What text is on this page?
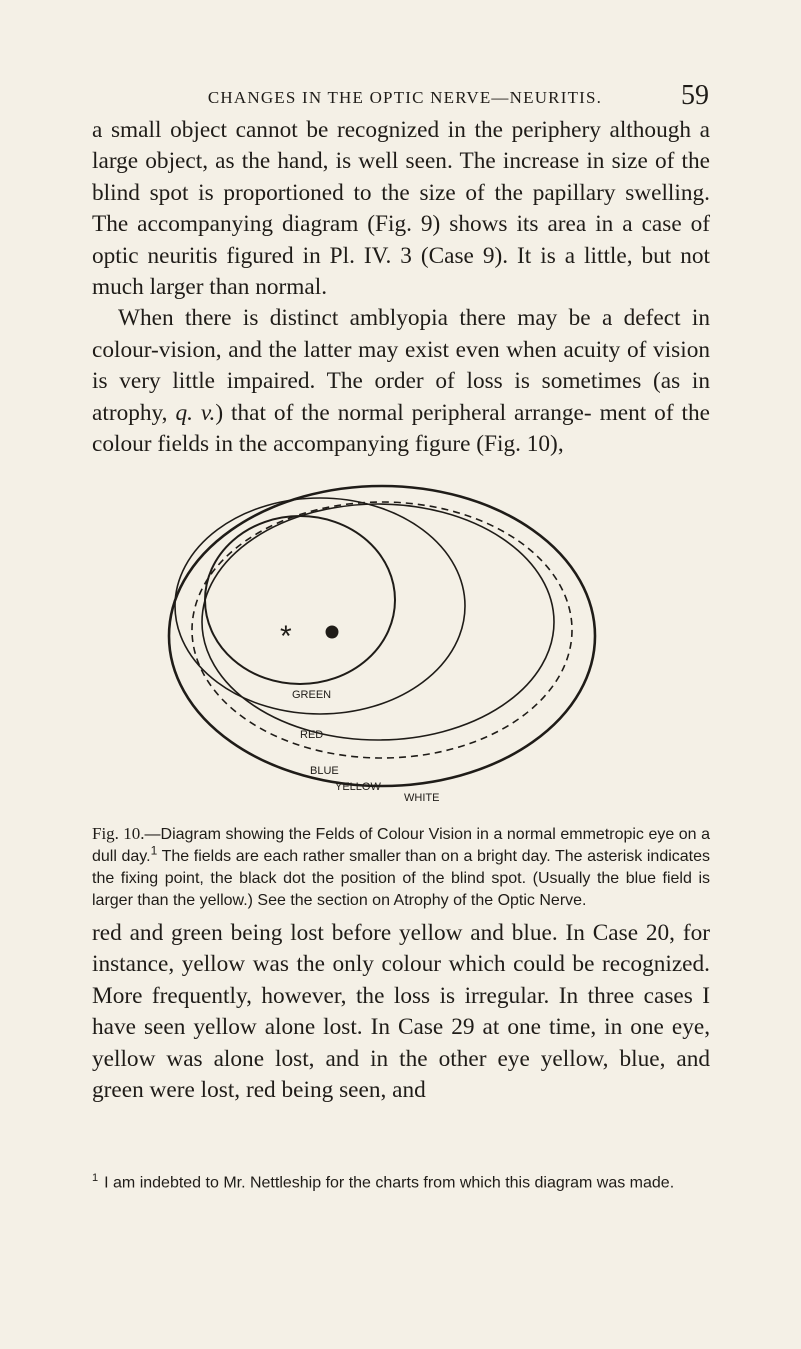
CHANGES IN THE OPTIC NERVE—NEURITIS.	59

a small object cannot be recognized in the periphery although a large object, as the hand, is well seen. The increase in size of the blind spot is proportioned to the size of the papillary swelling. The accompanying diagram (Fig. 9) shows its area in a case of optic neuritis figured in Pl. IV. 3 (Case 9). It is a little, but not much larger than normal.

When there is distinct amblyopia there may be a defect in colour-vision, and the latter may exist even when acuity of vision is very little impaired. The order of loss is sometimes (as in atrophy, q. v.) that of the normal peripheral arrange- ment of the colour fields in the accompanying figure (Fig. 10),

*
GREEN
RED
BLUE
YELLOW
WHITE

Fig. 10.—Diagram showing the Felds of Colour Vision in a normal emmetropic eye on a dull day.$^1$ The fields are each rather smaller than on a bright day. The asterisk indicates the fixing point, the black dot the position of the blind spot. (Usually the blue field is larger than the yellow.) See the section on Atrophy of the Optic Nerve.

red and green being lost before yellow and blue. In Case 20, for instance, yellow was the only colour which could be recognized. More frequently, however, the loss is irregular. In three cases I have seen yellow alone lost. In Case 29 at one time, in one eye, yellow was alone lost, and in the other eye yellow, blue, and green were lost, red being seen, and

$^1$ I am indebted to Mr. Nettleship for the charts from which this diagram was made.
